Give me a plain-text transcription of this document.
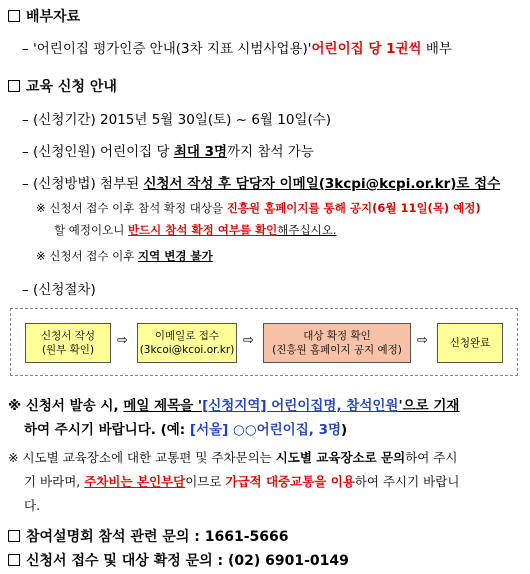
배부자료
– '어린이집 평가인증 안내(3차 지표 시범사업용)'어린이집 당 1권씩 배부
교육 신청 안내
– (신청기간) 2015년 5월 30일(토) ~ 6월 10일(수)
– (신청인원) 어린이집 당 최대 3명까지 참석 가능
– (신청방법) 첨부된 신청서 작성 후 담당자 이메일(3kcpi@kcpi.or.kr)로 접수
※ 신청서 접수 이후 참석 확정 대상을 진흥원 홈페이지를 통해 공지(6월 11일(목) 예정)
할 예정이오니 반드시 참석 확정 여부를 확인해주십시오.
※ 신청서 접수 이후 지역 변경 불가
– (신청절차)
신청서 작성
(원부 확인)
⇨	이메일로 접수
(3kcoi@kcoi.or.kr)
⇨	대상 확정 확인
(진흥원 홈페이지 공지 예정)
⇨ 신청완료
※ 신청서 발송 시, 메일 제목을 '[신청지역] 어린이집명, 참석인원'으로 기재
하여 주시기 바랍니다. (예: [서울] ○○어린이집, 3명)
※ 시도별 교육장소에 대한 교통편 및 주차문의는 시도별 교육장소로 문의하여 주시
기 바라며, 주차비는 본인부담이므로 가급적 대중교통을 이용하여 주시기 바랍니
다.
참여설명회 참석 관련 문의 : 1661-5666
신청서 접수 및 대상 확정 문의 : (02) 6901-0149
